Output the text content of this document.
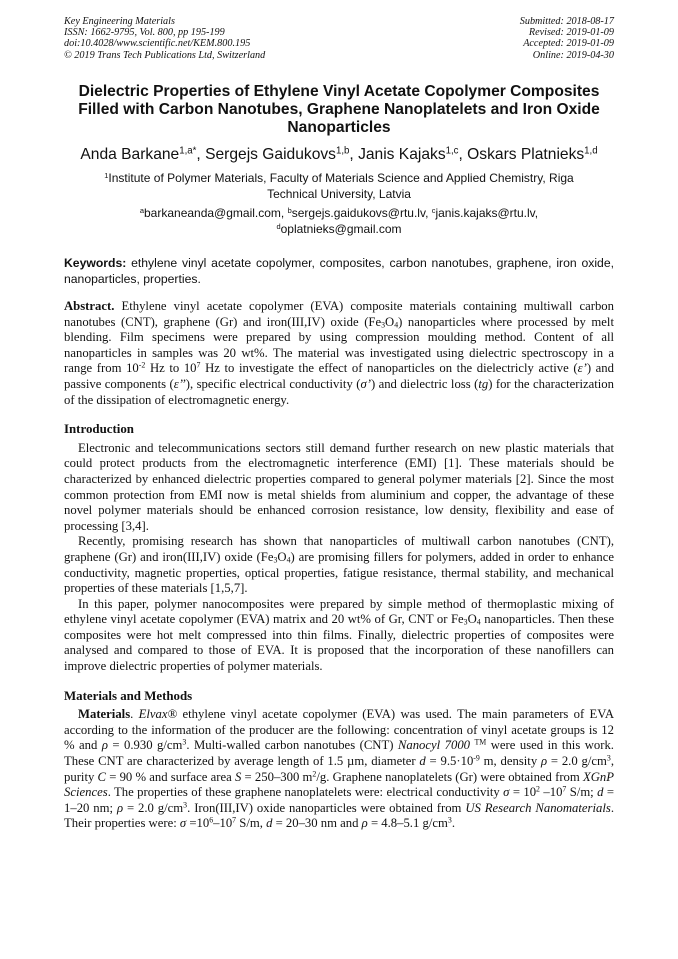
Key Engineering Materials
ISSN: 1662-9795, Vol. 800, pp 195-199
doi:10.4028/www.scientific.net/KEM.800.195
© 2019 Trans Tech Publications Ltd, Switzerland
Submitted: 2018-08-17
Revised: 2019-01-09
Accepted: 2019-01-09
Online: 2019-04-30
Dielectric Properties of Ethylene Vinyl Acetate Copolymer Composites Filled with Carbon Nanotubes, Graphene Nanoplatelets and Iron Oxide Nanoparticles
Anda Barkane$^{1,a*}$, Sergejs Gaidukovs$^{1,b}$, Janis Kajaks$^{1,c}$, Oskars Platnieks$^{1,d}$
$^1$Institute of Polymer Materials, Faculty of Materials Science and Applied Chemistry, Riga Technical University, Latvia
$^a$barkaneanda@gmail.com, $^b$sergejs.gaidukovs@rtu.lv, $^c$janis.kajaks@rtu.lv, $^d$oplatnieks@gmail.com
Keywords: ethylene vinyl acetate copolymer, composites, carbon nanotubes, graphene, iron oxide, nanoparticles, properties.
Abstract. Ethylene vinyl acetate copolymer (EVA) composite materials containing multiwall carbon nanotubes (CNT), graphene (Gr) and iron(III,IV) oxide $(Fe_3O_4)$ nanoparticles where processed by melt blending. Film specimens were prepared by using compression moulding method. Content of all nanoparticles in samples was 20 wt%. The material was investigated using dielectric spectroscopy in a range from $10^{-2}$ Hz to $10^7$ Hz to investigate the effect of nanoparticles on the dielectricly active (ε’) and passive components (ε’’), specific electrical conductivity (σ’) and dielectric loss (tg) for the characterization of the dissipation of electromagnetic energy.
Introduction
Electronic and telecommunications sectors still demand further research on new plastic materials that could protect products from the electromagnetic interference (EMI) [1]. These materials should be characterized by enhanced dielectric properties compared to general polymer materials [2]. Since the most common protection from EMI now is metal shields from aluminium and copper, the advantage of these novel polymer materials should be enhanced corrosion resistance, low density, flexibility and ease of processing [3,4].
Recently, promising research has shown that nanoparticles of multiwall carbon nanotubes (CNT), graphene (Gr) and iron(III,IV) oxide $(Fe_3O_4)$ are promising fillers for polymers, added in order to enhance conductivity, magnetic properties, optical properties, fatigue resistance, thermal stability, and mechanical properties of these materials [1,5,7].
In this paper, polymer nanocomposites were prepared by simple method of thermoplastic mixing of ethylene vinyl acetate copolymer (EVA) matrix and 20 wt% of Gr, CNT or $Fe_3O_4$ nanoparticles. Then these composites were hot melt compressed into thin films. Finally, dielectric properties of composites were analysed and compared to those of EVA. It is proposed that the incorporation of these nanofillers can improve dielectric properties of polymer materials.
Materials and Methods
Materials. Elvax® ethylene vinyl acetate copolymer (EVA) was used. The main parameters of EVA according to the information of the producer are the following: concentration of vinyl acetate groups is 12 % and ρ = 0.930 $g/cm^3$. Multi-walled carbon nanotubes (CNT) Nanocyl 7000 ™ were used in this work. These CNT are characterized by average length of 1.5 µm, diameter $d = 9.5\cdot 10^{-9}$ m, density ρ = 2.0 $g/cm^3$, purity C = 90 % and surface area S = 250–300 $m^2/g$. Graphene nanoplatelets (Gr) were obtained from XGnP Sciences. The properties of these graphene nanoplatelets were: electrical conductivity $\sigma = 10^2$ $-10^7$ S/m; d = 1–20 nm; ρ = 2.0 $g/cm^3$. Iron(III,IV) oxide nanoparticles were obtained from US Research Nanomaterials. Their properties were: $\sigma =10^6-10^7$ S/m, d = 20–30 nm and ρ = 4.8–5.1 $g/cm^3$.
